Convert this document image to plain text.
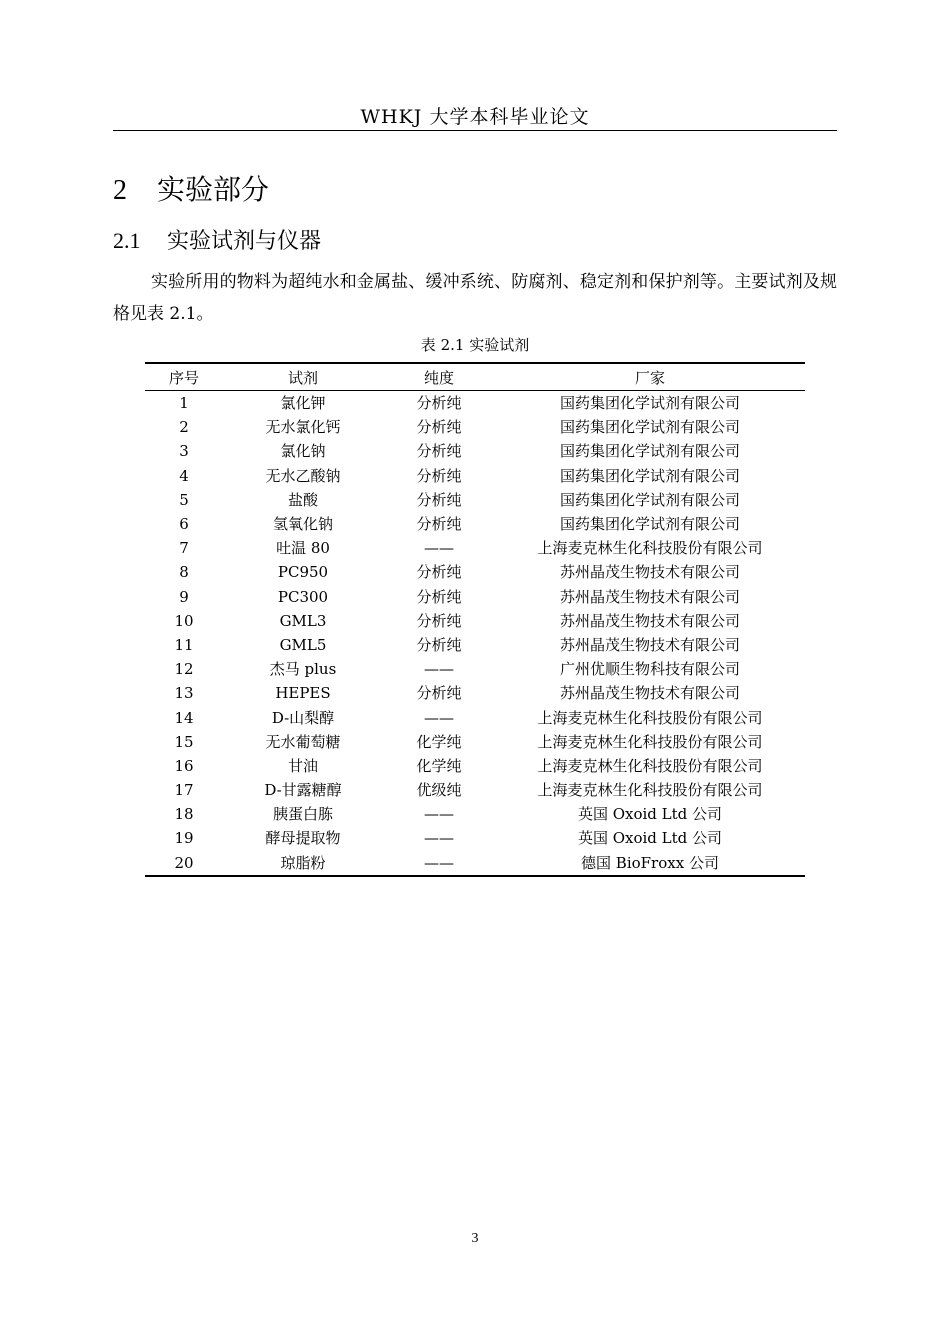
WHKJ 大学本科毕业论文
2 实验部分
2.1 实验试剂与仪器

实验所用的物料为超纯水和金属盐、缓冲系统、防腐剂、稳定剂和保护剂等。主要试剂及规格见表 2.1。

表 2.1 实验试剂
序号	试剂	纯度	厂家
1	氯化钾	分析纯	国药集团化学试剂有限公司
2	无水氯化钙	分析纯	国药集团化学试剂有限公司
3	氯化钠	分析纯	国药集团化学试剂有限公司
4	无水乙酸钠	分析纯	国药集团化学试剂有限公司
5	盐酸	分析纯	国药集团化学试剂有限公司
6	氢氧化钠	分析纯	国药集团化学试剂有限公司
7	吐温 80	——	上海麦克林生化科技股份有限公司
8	PC950	分析纯	苏州晶茂生物技术有限公司
9	PC300	分析纯	苏州晶茂生物技术有限公司
10	GML3	分析纯	苏州晶茂生物技术有限公司
11	GML5	分析纯	苏州晶茂生物技术有限公司
12	杰马 plus	——	广州优顺生物科技有限公司
13	HEPES	分析纯	苏州晶茂生物技术有限公司
14	D-山梨醇	——	上海麦克林生化科技股份有限公司
15	无水葡萄糖	化学纯	上海麦克林生化科技股份有限公司
16	甘油	化学纯	上海麦克林生化科技股份有限公司
17	D-甘露糖醇	优级纯	上海麦克林生化科技股份有限公司
18	胰蛋白胨	——	英国 Oxoid Ltd 公司
19	酵母提取物	——	英国 Oxoid Ltd 公司
20	琼脂粉	——	德国 BioFroxx 公司
3
